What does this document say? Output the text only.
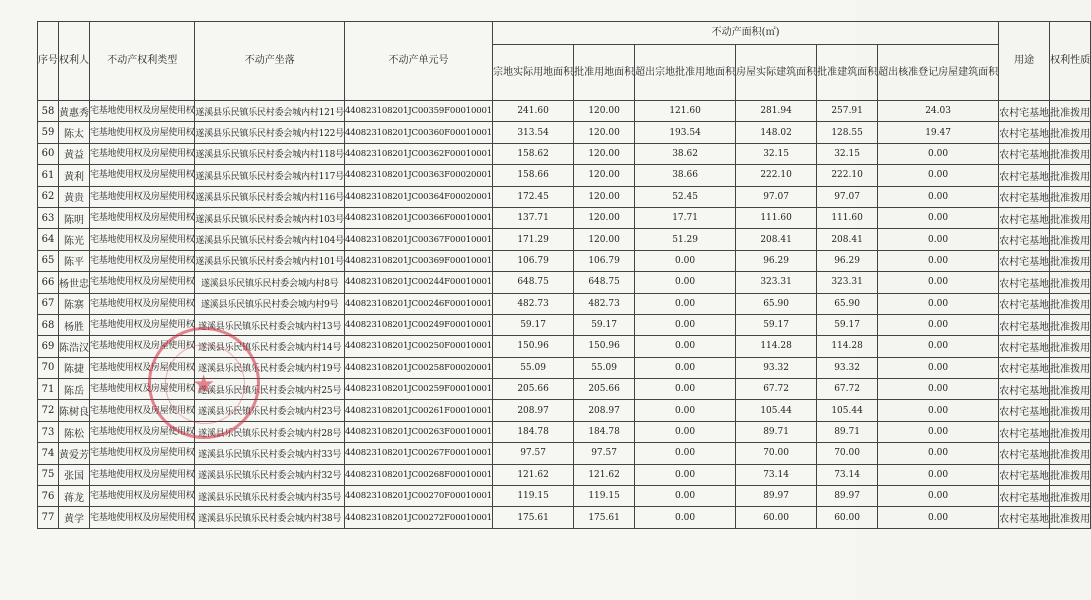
序号	权利人	不动产权利类型	不动产坐落	不动产单元号	不动产面积(㎡)						用途	权利性质
					宗地实际用地面积	批准用地面积	超出宗地批准用地面积	房屋实际建筑面积	批准建筑面积	超出核准登记房屋建筑面积		
58	黄惠秀	宅基地使用权及房屋使用权	遂溪县乐民镇乐民村委会城内村121号	440823108201JC00359F00010001	241.60	120.00	121.60	281.94	257.91	24.03	农村宅基地	批准拨用
59	陈太	宅基地使用权及房屋使用权	遂溪县乐民镇乐民村委会城内村122号	440823108201JC00360F00010001	313.54	120.00	193.54	148.02	128.55	19.47	农村宅基地	批准拨用
60	黄益	宅基地使用权及房屋使用权	遂溪县乐民镇乐民村委会城内村118号	440823108201JC00362F00010001	158.62	120.00	38.62	32.15	32.15	0.00	农村宅基地	批准拨用
61	黄利	宅基地使用权及房屋使用权	遂溪县乐民镇乐民村委会城内村117号	440823108201JC00363F00020001	158.66	120.00	38.66	222.10	222.10	0.00	农村宅基地	批准拨用
62	黄贵	宅基地使用权及房屋使用权	遂溪县乐民镇乐民村委会城内村116号	440823108201JC00364F00020001	172.45	120.00	52.45	97.07	97.07	0.00	农村宅基地	批准拨用
63	陈明	宅基地使用权及房屋使用权	遂溪县乐民镇乐民村委会城内村103号	440823108201JC00366F00010001	137.71	120.00	17.71	111.60	111.60	0.00	农村宅基地	批准拨用
64	陈光	宅基地使用权及房屋使用权	遂溪县乐民镇乐民村委会城内村104号	440823108201JC00367F00010001	171.29	120.00	51.29	208.41	208.41	0.00	农村宅基地	批准拨用
65	陈平	宅基地使用权及房屋使用权	遂溪县乐民镇乐民村委会城内村101号	440823108201JC00369F00010001	106.79	106.79	0.00	96.29	96.29	0.00	农村宅基地	批准拨用
66	杨世忠	宅基地使用权及房屋使用权	遂溪县乐民镇乐民村委会城内村8号	440823108201JC00244F00010001	648.75	648.75	0.00	323.31	323.31	0.00	农村宅基地	批准拨用
67	陈寨	宅基地使用权及房屋使用权	遂溪县乐民镇乐民村委会城内村9号	440823108201JC00246F00010001	482.73	482.73	0.00	65.90	65.90	0.00	农村宅基地	批准拨用
68	杨胜	宅基地使用权及房屋使用权	遂溪县乐民镇乐民村委会城内村13号	440823108201JC00249F00010001	59.17	59.17	0.00	59.17	59.17	0.00	农村宅基地	批准拨用
69	陈浩汉	宅基地使用权及房屋使用权	遂溪县乐民镇乐民村委会城内村14号	440823108201JC00250F00010001	150.96	150.96	0.00	114.28	114.28	0.00	农村宅基地	批准拨用
70	陈捷	宅基地使用权及房屋使用权	遂溪县乐民镇乐民村委会城内村19号	440823108201JC00258F00020001	55.09	55.09	0.00	93.32	93.32	0.00	农村宅基地	批准拨用
71	陈岳	宅基地使用权及房屋使用权	遂溪县乐民镇乐民村委会城内村25号	440823108201JC00259F00010001	205.66	205.66	0.00	67.72	67.72	0.00	农村宅基地	批准拨用
72	陈树良	宅基地使用权及房屋使用权	遂溪县乐民镇乐民村委会城内村23号	440823108201JC00261F00010001	208.97	208.97	0.00	105.44	105.44	0.00	农村宅基地	批准拨用
73	陈松	宅基地使用权及房屋使用权	遂溪县乐民镇乐民村委会城内村28号	440823108201JC00263F00010001	184.78	184.78	0.00	89.71	89.71	0.00	农村宅基地	批准拨用
74	黄爱芳	宅基地使用权及房屋使用权	遂溪县乐民镇乐民村委会城内村33号	440823108201JC00267F00010001	97.57	97.57	0.00	70.00	70.00	0.00	农村宅基地	批准拨用
75	张国	宅基地使用权及房屋使用权	遂溪县乐民镇乐民村委会城内村32号	440823108201JC00268F00010001	121.62	121.62	0.00	73.14	73.14	0.00	农村宅基地	批准拨用
76	蒋龙	宅基地使用权及房屋使用权	遂溪县乐民镇乐民村委会城内村35号	440823108201JC00270F00010001	119.15	119.15	0.00	89.97	89.97	0.00	农村宅基地	批准拨用
77	黄学	宅基地使用权及房屋使用权	遂溪县乐民镇乐民村委会城内村38号	440823108201JC00272F00010001	175.61	175.61	0.00	60.00	60.00	0.00	农村宅基地	批准拨用
★
